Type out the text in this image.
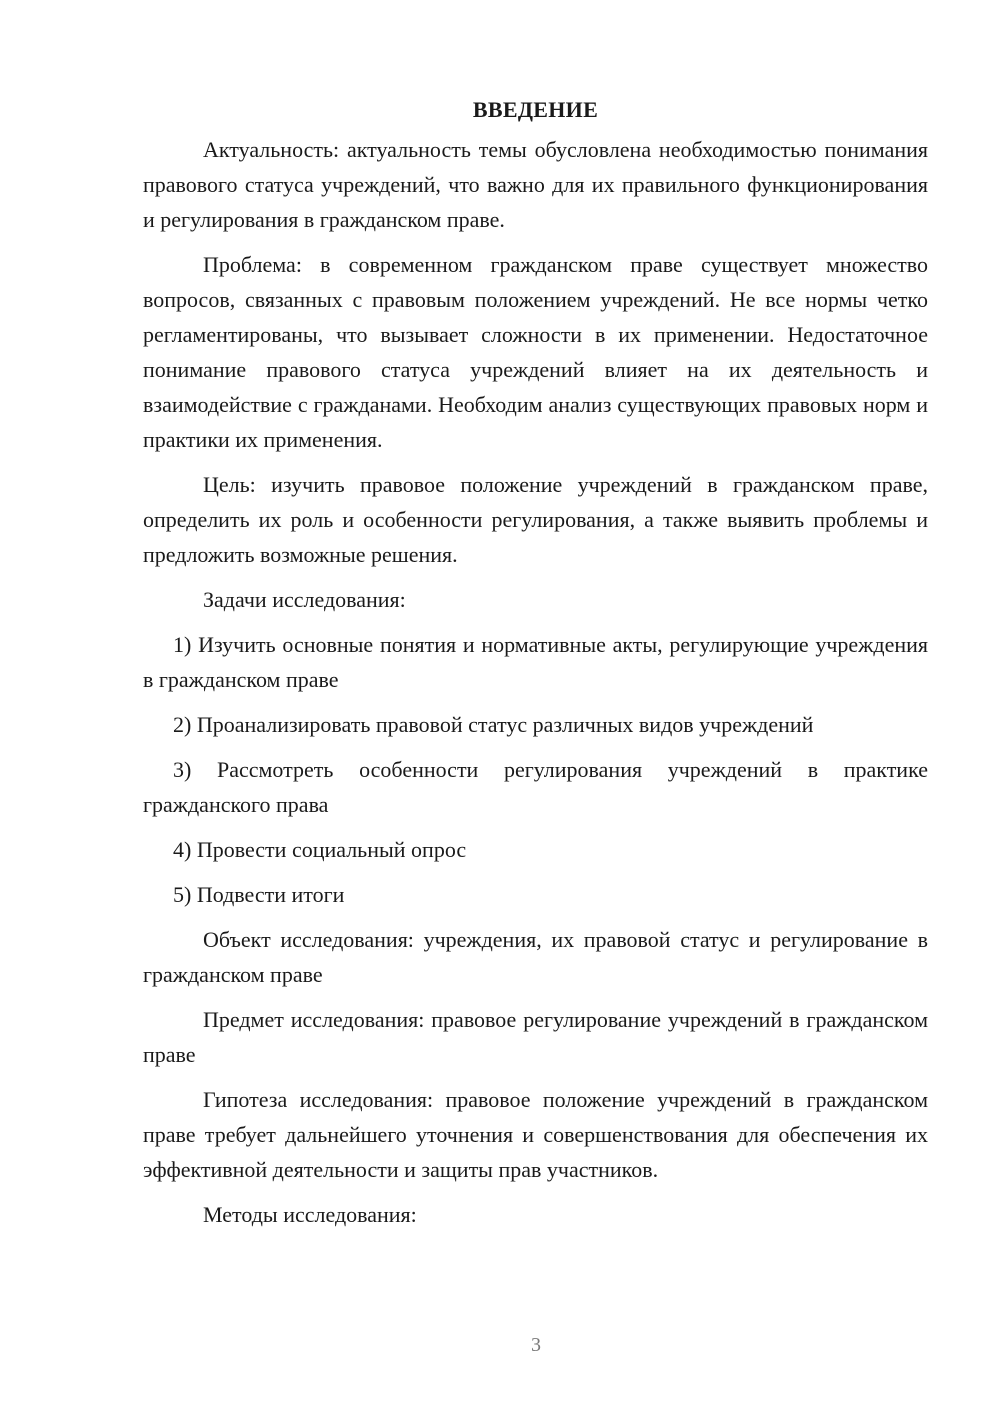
ВВЕДЕНИЕ

Актуальность: актуальность темы обусловлена необходимостью понимания правового статуса учреждений, что важно для их правильного функционирования и регулирования в гражданском праве.

Проблема: в современном гражданском праве существует множество вопросов, связанных с правовым положением учреждений. Не все нормы четко регламентированы, что вызывает сложности в их применении. Недостаточное понимание правового статуса учреждений влияет на их деятельность и взаимодействие с гражданами. Необходим анализ существующих правовых норм и практики их применения.

Цель: изучить правовое положение учреждений в гражданском праве, определить их роль и особенности регулирования, а также выявить проблемы и предложить возможные решения.

Задачи исследования:

1) Изучить основные понятия и нормативные акты, регулирующие учреждения в гражданском праве

2) Проанализировать правовой статус различных видов учреждений

3) Рассмотреть особенности регулирования учреждений в практике гражданского права

4) Провести социальный опрос

5) Подвести итоги

Объект исследования: учреждения, их правовой статус и регулирование в гражданском праве

Предмет исследования: правовое регулирование учреждений в гражданском праве

Гипотеза исследования: правовое положение учреждений в гражданском праве требует дальнейшего уточнения и совершенствования для обеспечения их эффективной деятельности и защиты прав участников.

Методы исследования:

3
